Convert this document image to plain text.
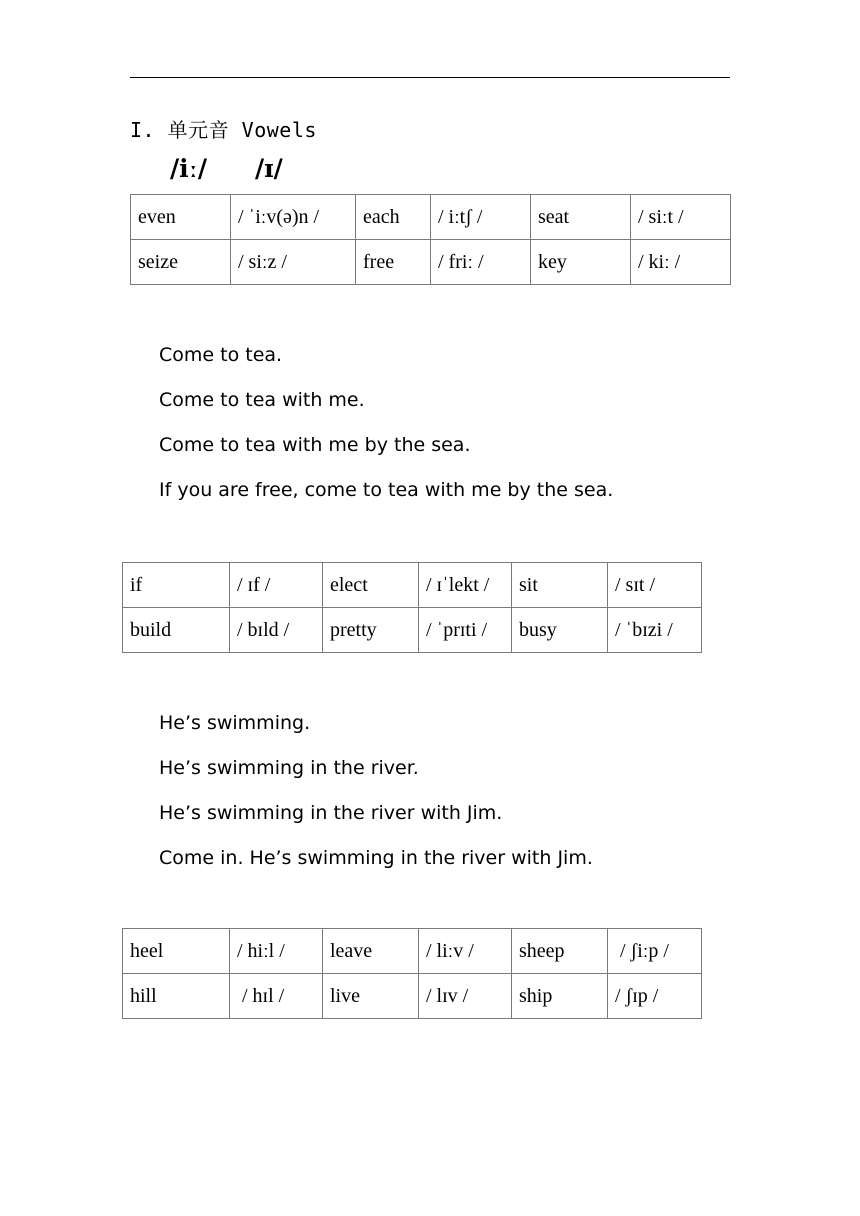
I. 单元音 Vowels
/iː/ /ɪ/
even	/ ˈiːv(ə)n /	each	/ iːtʃ /	seat	/ siːt /
seize	/ siːz /	free	/ friː /	key	/ kiː /
Come to tea.
Come to tea with me.
Come to tea with me by the sea.
If you are free, come to tea with me by the sea.
if	/ ɪf /	elect	/ ɪˈlekt /	sit	/ sɪt /
build	/ bɪld /	pretty	/ ˈprɪti /	busy	/ ˈbɪzi /
He’s swimming.
He’s swimming in the river.
He’s swimming in the river with Jim.
Come in. He’s swimming in the river with Jim.
heel	/ hiːl /	leave	/ liːv /	sheep	/ ʃiːp /
hill	/ hɪl /	live	/ lɪv /	ship	/ ʃɪp /
